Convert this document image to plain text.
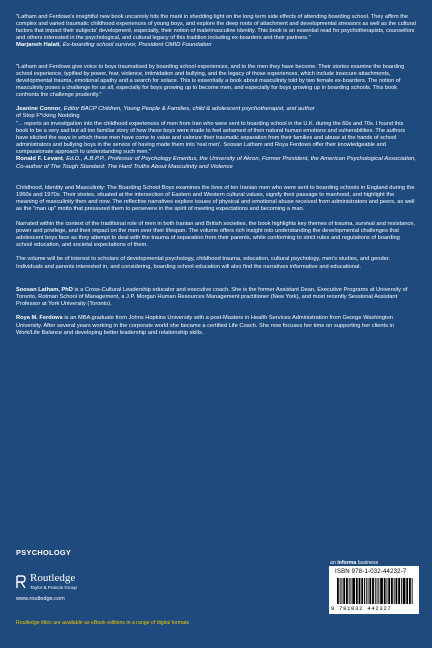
"Latham and Ferdows's insightful new book uncannily hits the mark in shedding light on the long term side effects of attending boarding school. They affirm the complex and varied traumatic childhood experiences of young boys, and explore the deep roots of attachment and developmental stressors as well as the cultural factors that impact their subjects' development, especially, their notion of male/masculine identity. This book is an essential read for psychotherapists, counsellors and others interested in the psychological, and cultural legacy of this tradition including ex-boarders and their partners."

Marjaneh Halati, Ex-boarding school survivor, President OMID Foundation

"Latham and Ferdows give voice to boys traumatised by boarding school experiences, and to the men they have become. Their stories examine the boarding school experience, typified by power, fear, violence, intimidation and bullying, and the legacy of those experiences, which include insecure attachments, developmental trauma, emotional apathy and a search for solace. This is essentially a book about masculinity told by two female ex-boarders. The notion of masculinity poses a challenge for us all, especially for boys growing up to become men, and especially for boys growing up in boarding schools. This book confronts the challenge prudently."

Jeanine Connor, Editor BACP Children, Young People & Families, child & adolescent psychotherapist, and author

of Stop F*cking Nodding

"... reports an investigation into the childhood experiences of men from Iran who were sent to boarding school in the U.K. during the 60s and 70s. I found this book to be a very sad but all too familiar story of how these boys were made to feel ashamed of their natural human emotions and vulnerabilities. The authors have elicited the ways in which these men have come to value and valorize their traumatic separation from their families and abuse at the hands of school administrators and bullying boys in the service of having made them into 'real men'. Soosan Latham and Roya Ferdows offer their knowledgeable and compassionate approach to understanding such men."

Ronald F. Levant, Ed.D., A.B.P.P., Professor of Psychology Emeritus, the University of Akron, Former President, the American Psychological Association, Co-author of The Tough Standard: The Hard Truths About Masculinity and Violence

Childhood, Identity and Masculinity: The Boarding School Boys examines the lives of ten Iranian men who were sent to boarding schools in England during the 1960s and 1970s. Their stories, situated at the intersection of Eastern and Western cultural values, signify their passage to manhood, and highlight the meaning of masculinity then and now. The reflective narratives explore issues of physical and emotional abuse received from administrators and peers, as well as the "man up" motto that pressured them to persevere in the spirit of meeting expectations and becoming a man.

Narrated within the context of the traditional role of men in both Iranian and British societies, the book highlights key themes of trauma, survival and resistance, power and privilege, and their impact on the men over their lifespan. The volume offers rich insight into understanding the developmental challenges that adolescent boys face as they attempt to deal with the trauma of separation from their parents, while conforming to strict rules and regulations of boarding school education, and societal expectations of them.

The volume will be of interest to scholars of developmental psychology, childhood trauma, education, cultural psychology, men's studies, and gender. Individuals and parents interested in, and considering, boarding school education will also find the narratives informative and educational.

Soosan Latham, PhD is a Cross-Cultural Leadership educator and executive coach. She is the former Assistant Dean, Executive Programs at University of Toronto, Rotman School of Management, a J.P. Morgan Human Resources Management practitioner (New York), and most recently Sessional Assistant Professor at York University (Toronto).

Roya M. Ferdows is an MBA graduate from Johns Hopkins University with a post-Masters in Health Services Administration from George Washington University. After several years working in the corporate world she became a certified Life Coach. She now focuses her time on supporting her clients in Work/Life Balance and developing better leadership and relationship skills.

PSYCHOLOGY
Routledge
Taylor & Francis Group
www.routledge.com
an informa business
ISBN 978-1-032-44232-7
9 781032 442327
Routledge titles are available as eBook editions in a range of digital formats
